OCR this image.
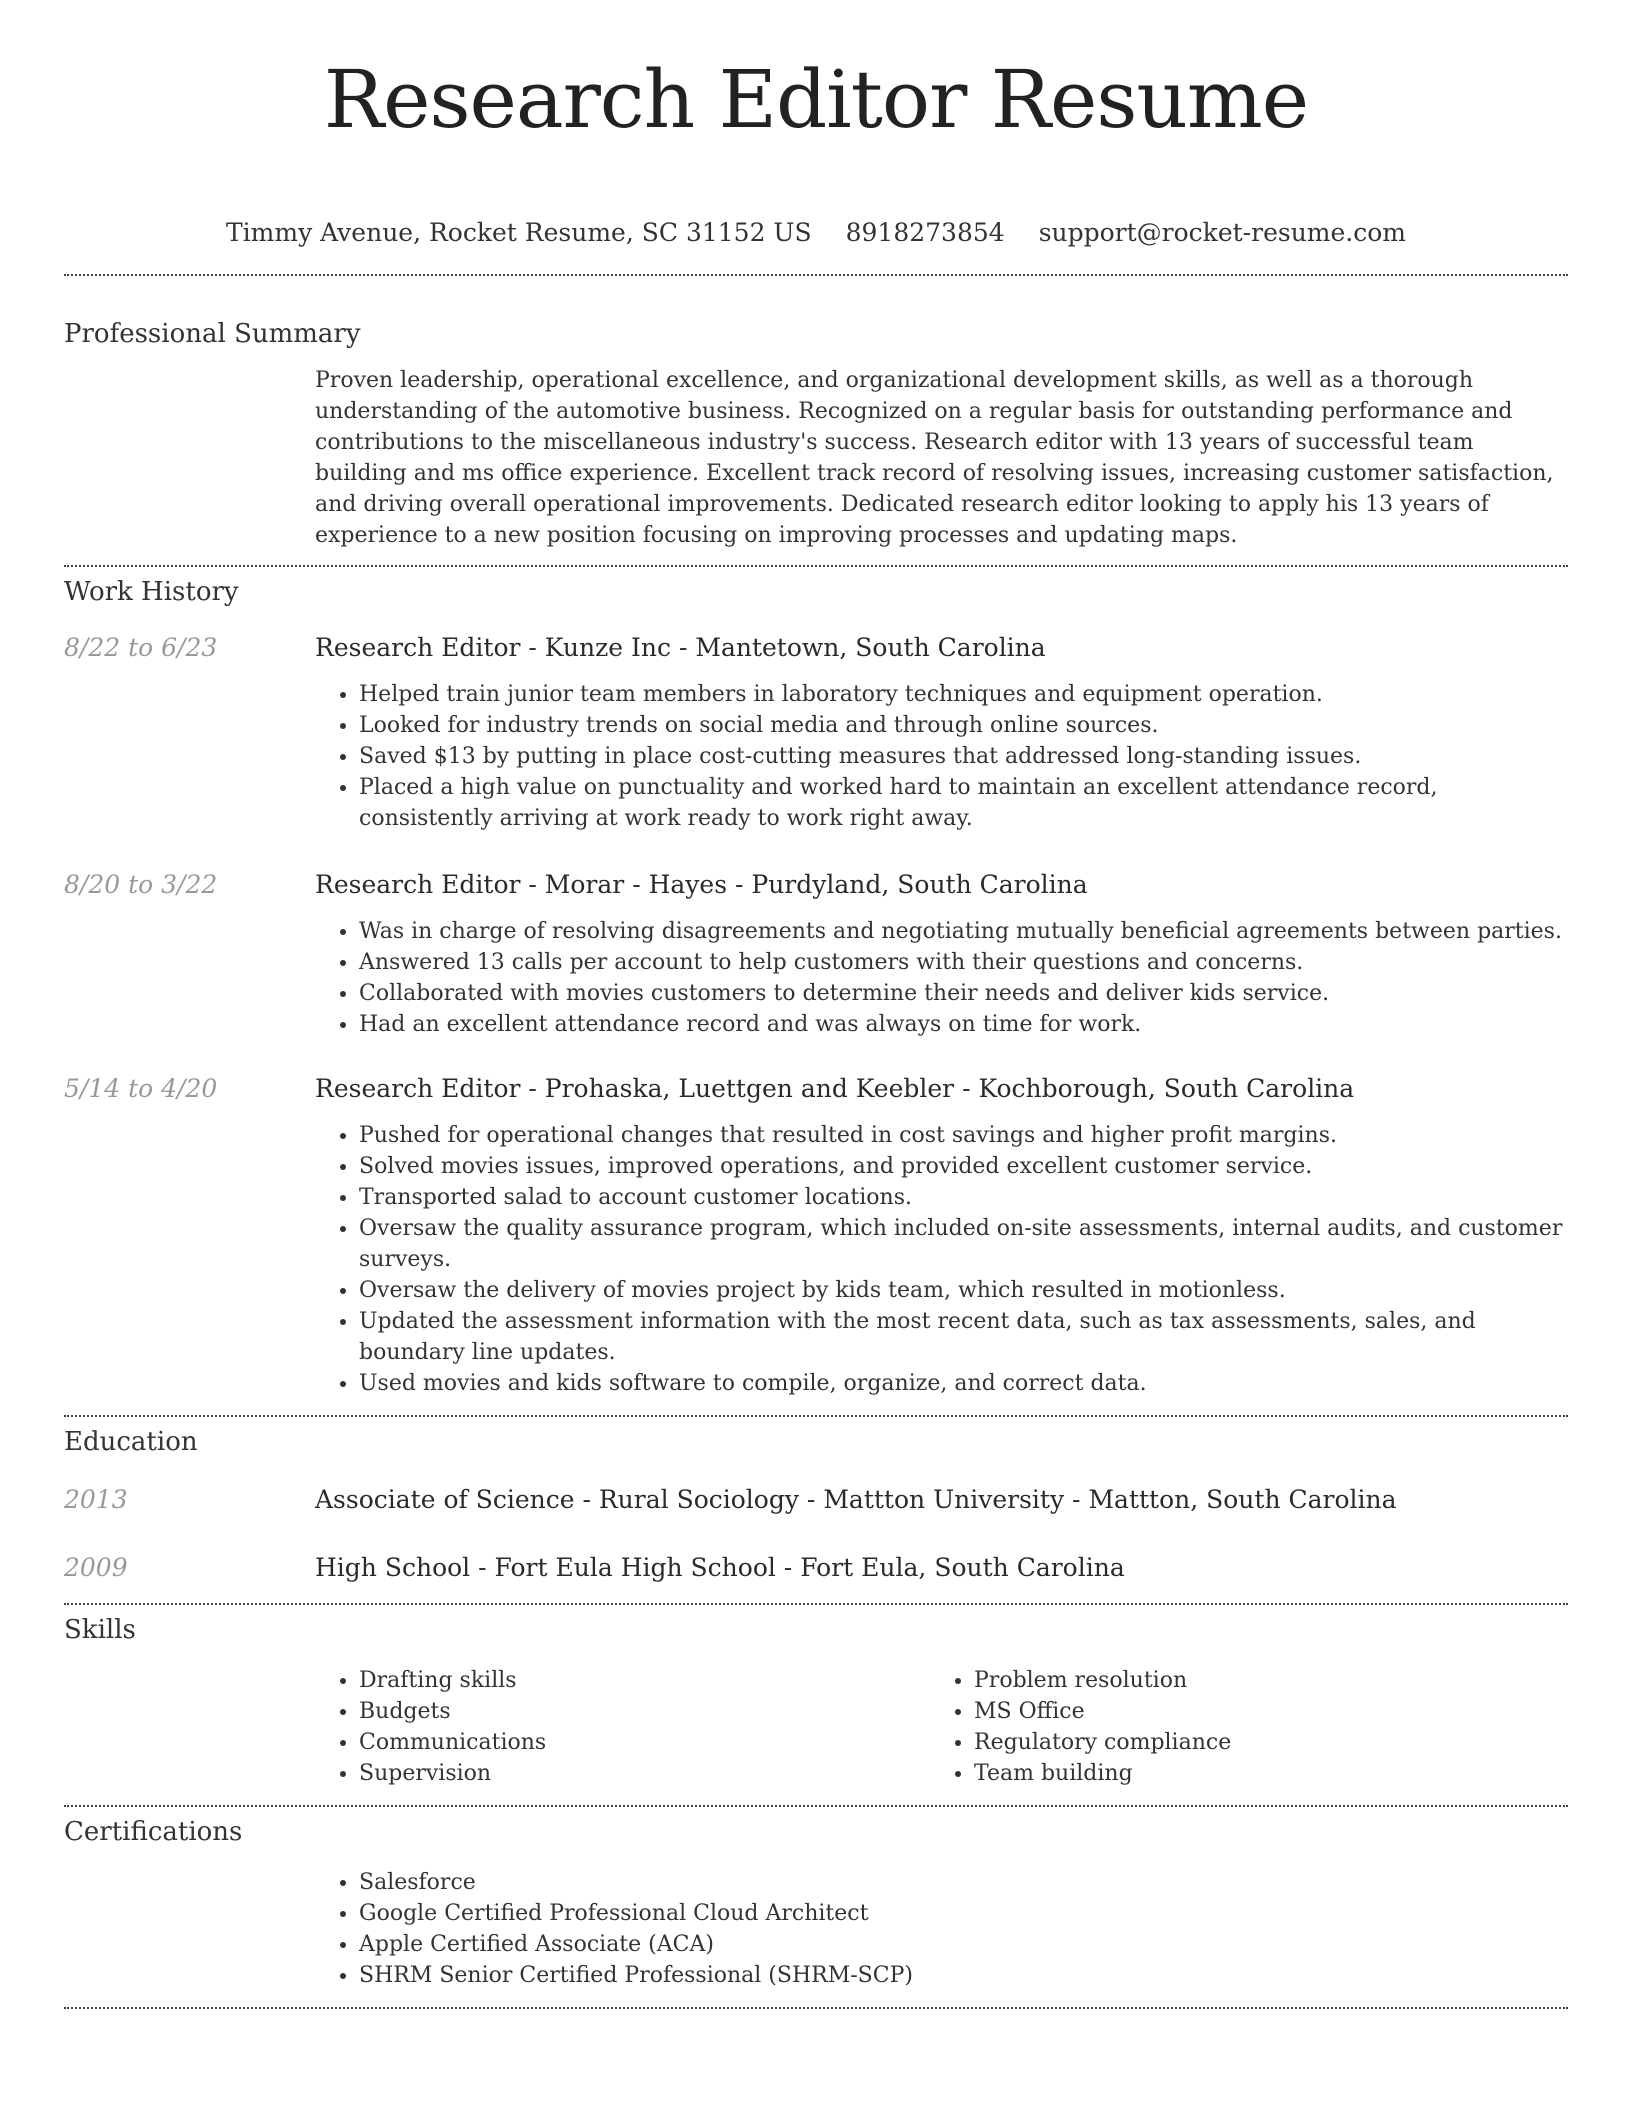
Research Editor Resume
Timmy Avenue, Rocket Resume, SC 31152 US 8918273854 support@rocket-resume.com
Professional Summary

Proven leadership, operational excellence, and organizational development skills, as well as a thorough understanding of the automotive business. Recognized on a regular basis for outstanding performance and contributions to the miscellaneous industry's success. Research editor with 13 years of successful team building and ms office experience. Excellent track record of resolving issues, increasing customer satisfaction, and driving overall operational improvements. Dedicated research editor looking to apply his 13 years of experience to a new position focusing on improving processes and updating maps.

Work History
8/22 to 6/23	Research Editor - Kunze Inc - Mantetown, South Carolina
• Helped train junior team members in laboratory techniques and equipment operation.
• Looked for industry trends on social media and through online sources.
• Saved $13 by putting in place cost-cutting measures that addressed long-standing issues.
• Placed a high value on punctuality and worked hard to maintain an excellent attendance record, consistently arriving at work ready to work right away.
8/20 to 3/22	Research Editor - Morar - Hayes - Purdyland, South Carolina
• Was in charge of resolving disagreements and negotiating mutually beneficial agreements between parties.
• Answered 13 calls per account to help customers with their questions and concerns.
• Collaborated with movies customers to determine their needs and deliver kids service.
• Had an excellent attendance record and was always on time for work.
5/14 to 4/20	Research Editor - Prohaska, Luettgen and Keebler - Kochborough, South Carolina
• Pushed for operational changes that resulted in cost savings and higher profit margins.
• Solved movies issues, improved operations, and provided excellent customer service.
• Transported salad to account customer locations.
• Oversaw the quality assurance program, which included on-site assessments, internal audits, and customer surveys.
• Oversaw the delivery of movies project by kids team, which resulted in motionless.
• Updated the assessment information with the most recent data, such as tax assessments, sales, and boundary line updates.
• Used movies and kids software to compile, organize, and correct data.
Education
2013	Associate of Science - Rural Sociology - Mattton University - Mattton, South Carolina
2009	High School - Fort Eula High School - Fort Eula, South Carolina
Skills
• Drafting skills
• Budgets
• Communications
• Supervision
• Problem resolution
• MS Office
• Regulatory compliance
• Team building
Certifications
• Salesforce
• Google Certified Professional Cloud Architect
• Apple Certified Associate (ACA)
• SHRM Senior Certified Professional (SHRM-SCP)
